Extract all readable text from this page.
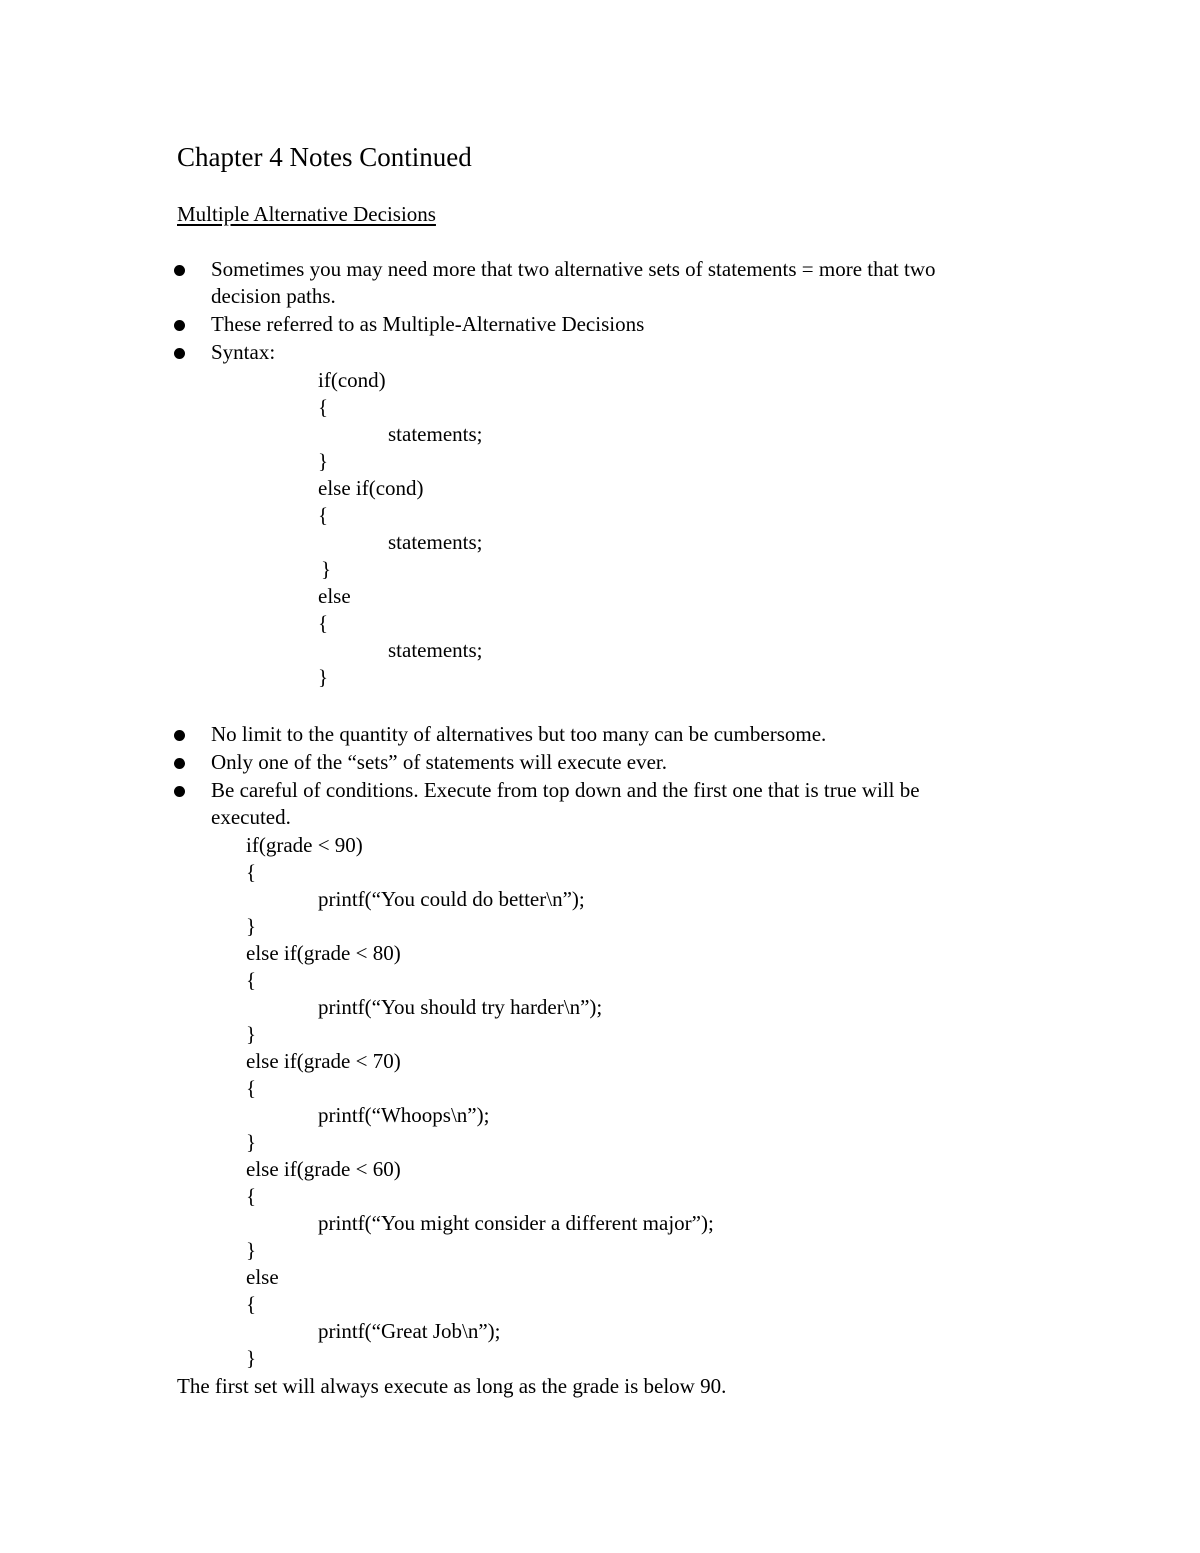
Chapter 4 Notes Continued
Multiple Alternative Decisions
Sometimes you may need more that two alternative sets of statements = more that two
decision paths.
These referred to as Multiple-Alternative Decisions
Syntax:
if(cond)
{
statements;
}
else if(cond)
{
statements;
}
else
{
statements;
}
No limit to the quantity of alternatives but too many can be cumbersome.
Only one of the “sets” of statements will execute ever.
Be careful of conditions. Execute from top down and the first one that is true will be
executed.
if(grade < 90)
{
printf(“You could do better\n”);
}
else if(grade < 80)
{
printf(“You should try harder\n”);
}
else if(grade < 70)
{
printf(“Whoops\n”);
}
else if(grade < 60)
{
printf(“You might consider a different major”);
}
else
{
printf(“Great Job\n”);
}
The first set will always execute as long as the grade is below 90.
